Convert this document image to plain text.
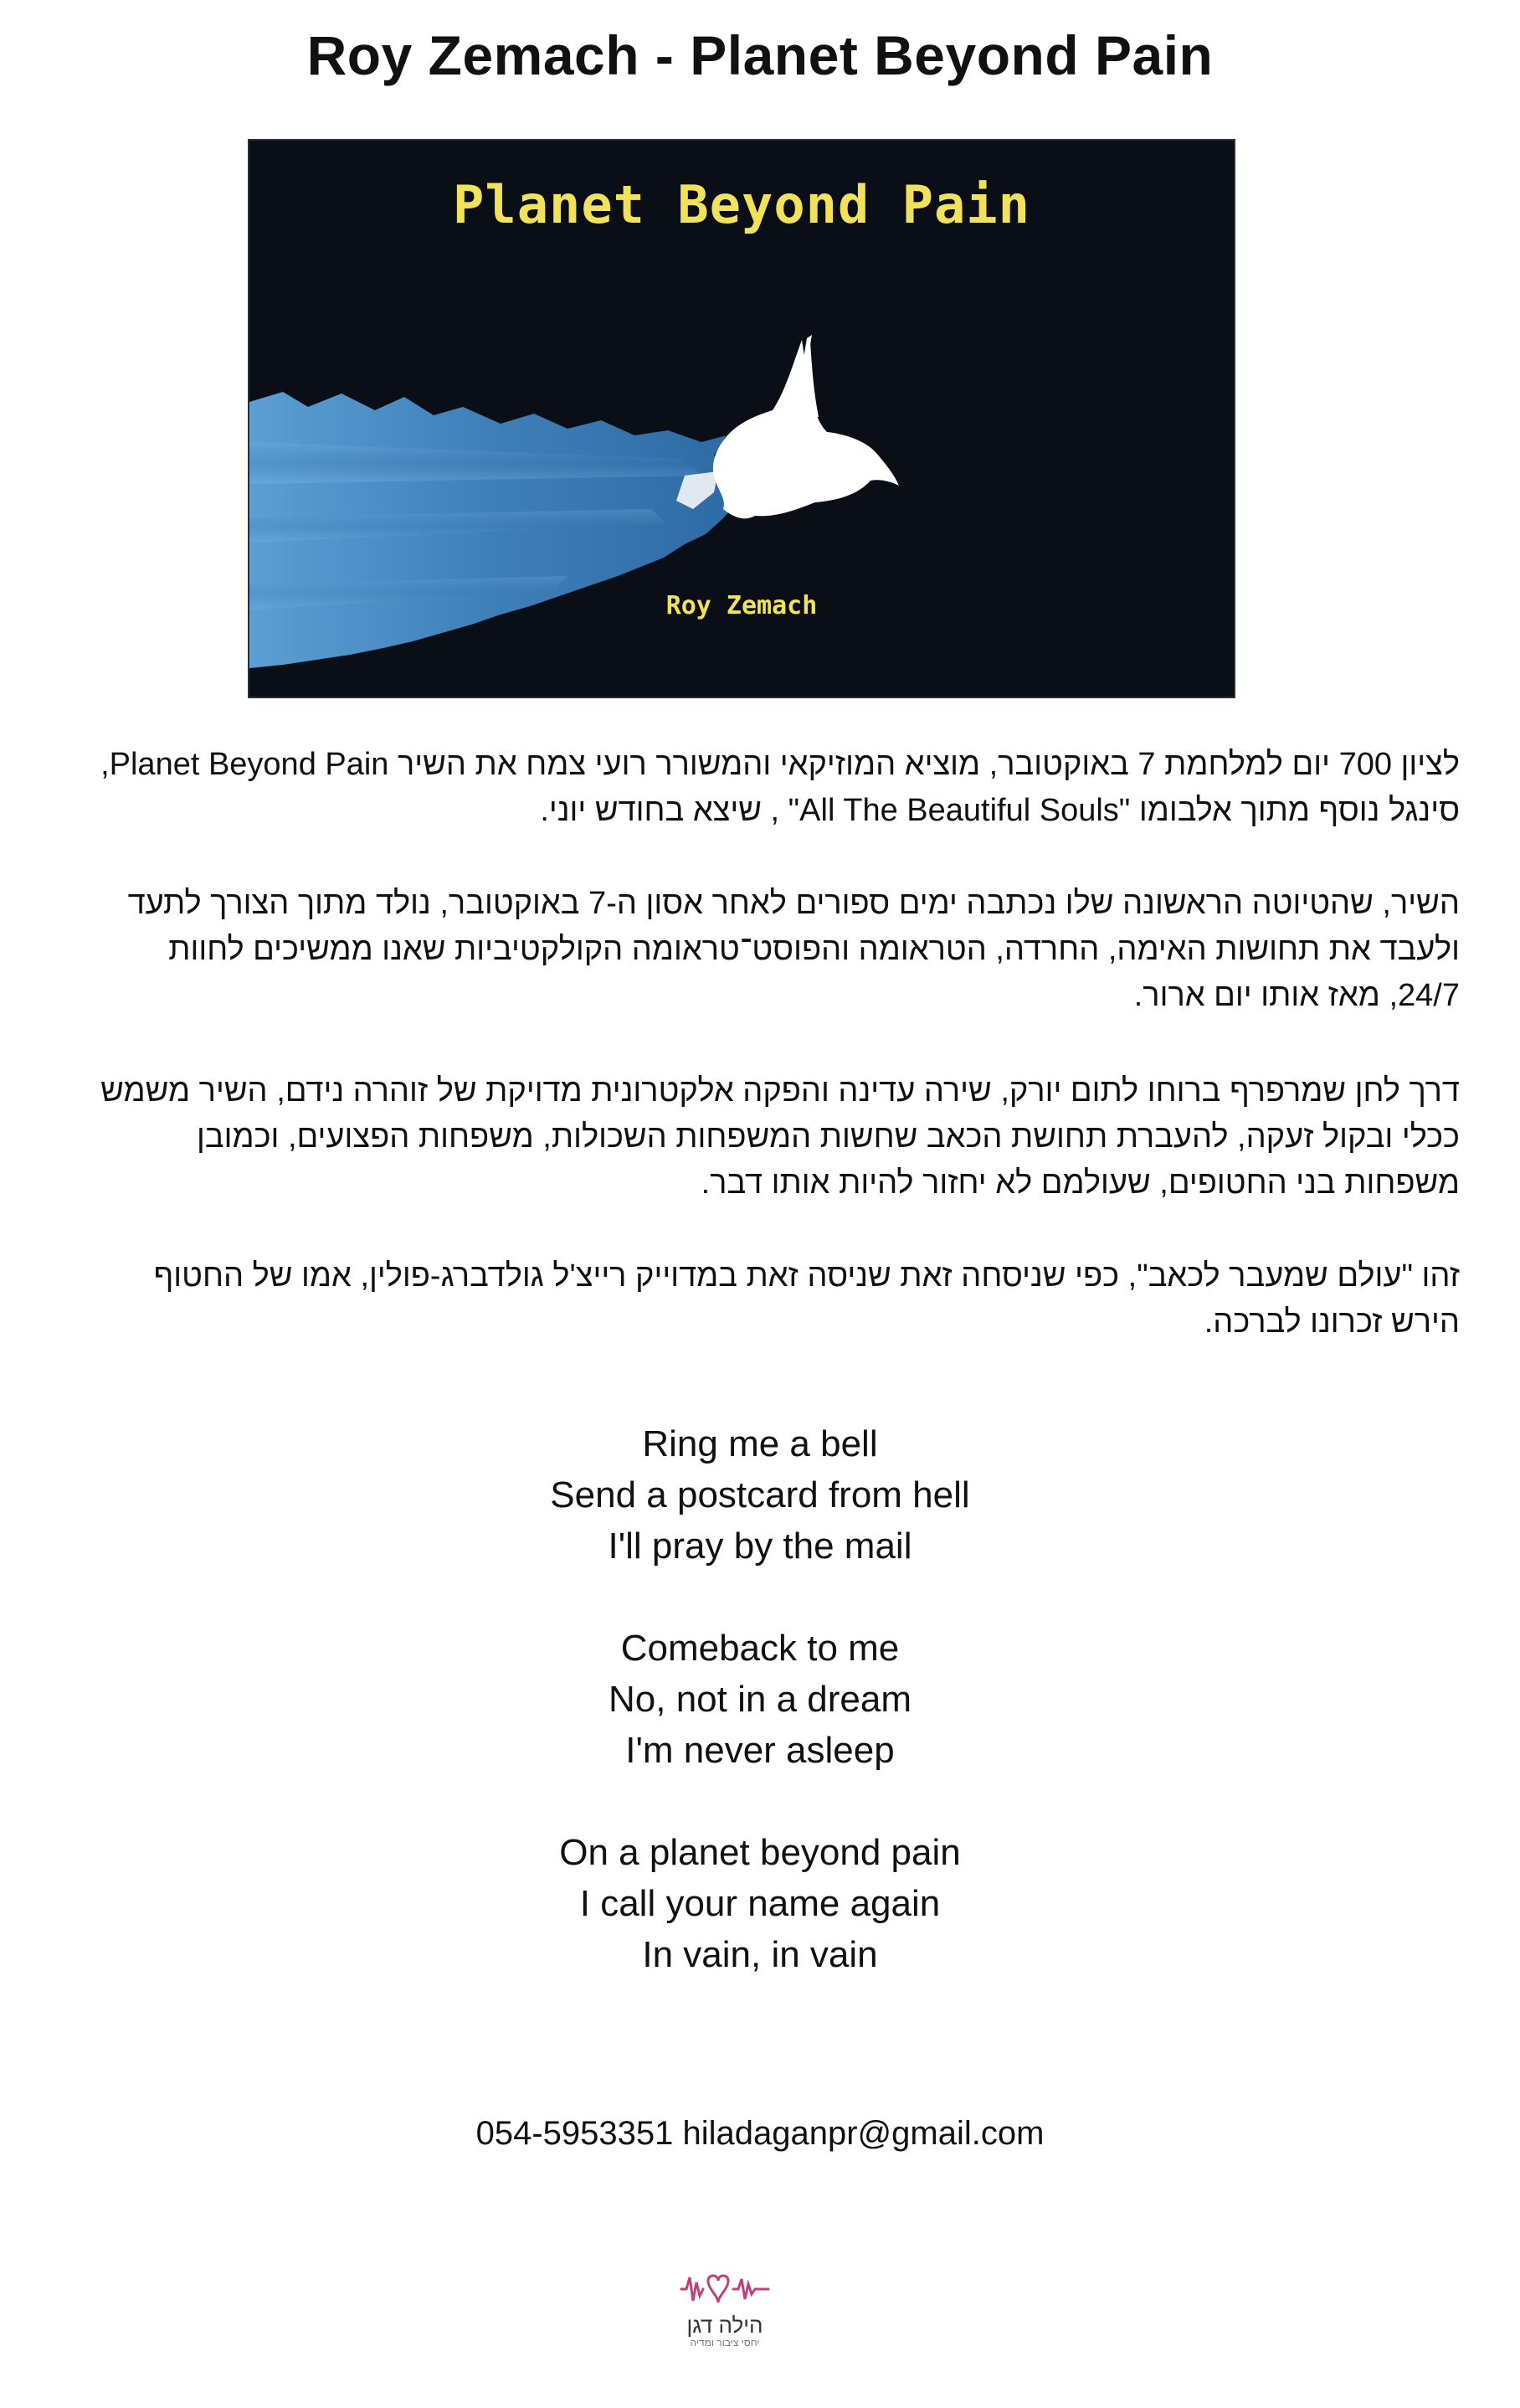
Roy Zemach - Planet Beyond Pain
Planet Beyond Pain
Roy Zemach
לציון 700 יום למלחמת 7 באוקטובר, מוציא המוזיקאי והמשורר רועי צמח את השיר Planet Beyond Pain,
סינגל נוסף מתוך אלבומו "All The Beautiful Souls" , שיצא בחודש יוני.
השיר, שהטיוטה הראשונה שלו נכתבה ימים ספורים לאחר אסון ה-7 באוקטובר, נולד מתוך הצורך לתעד
ולעבד את תחושות האימה, החרדה, הטראומה והפוסט־טראומה הקולקטיביות שאנו ממשיכים לחוות
24/7, מאז אותו יום ארור.
דרך לחן שמרפרף ברוחו לתום יורק, שירה עדינה והפקה אלקטרונית מדויקת של זוהרה נידם, השיר משמש
ככלי ובקול זעקה, להעברת תחושת הכאב שחשות המשפחות השכולות, משפחות הפצועים, וכמובן
משפחות בני החטופים, שעולמם לא יחזור להיות אותו דבר.
זהו "עולם שמעבר לכאב", כפי שניסחה זאת שניסה זאת במדוייק רייצ'ל גולדברג-פולין, אמו של החטוף
הירש זכרונו לברכה.
Ring me a bell
Send a postcard from hell
I'll pray by the mail
Comeback to me
No, not in a dream
I'm never asleep
On a planet beyond pain
I call your name again
In vain, in vain
054-5953351 hiladaganpr@gmail.com
הילה דגן
יחסי ציבור ומדיה
